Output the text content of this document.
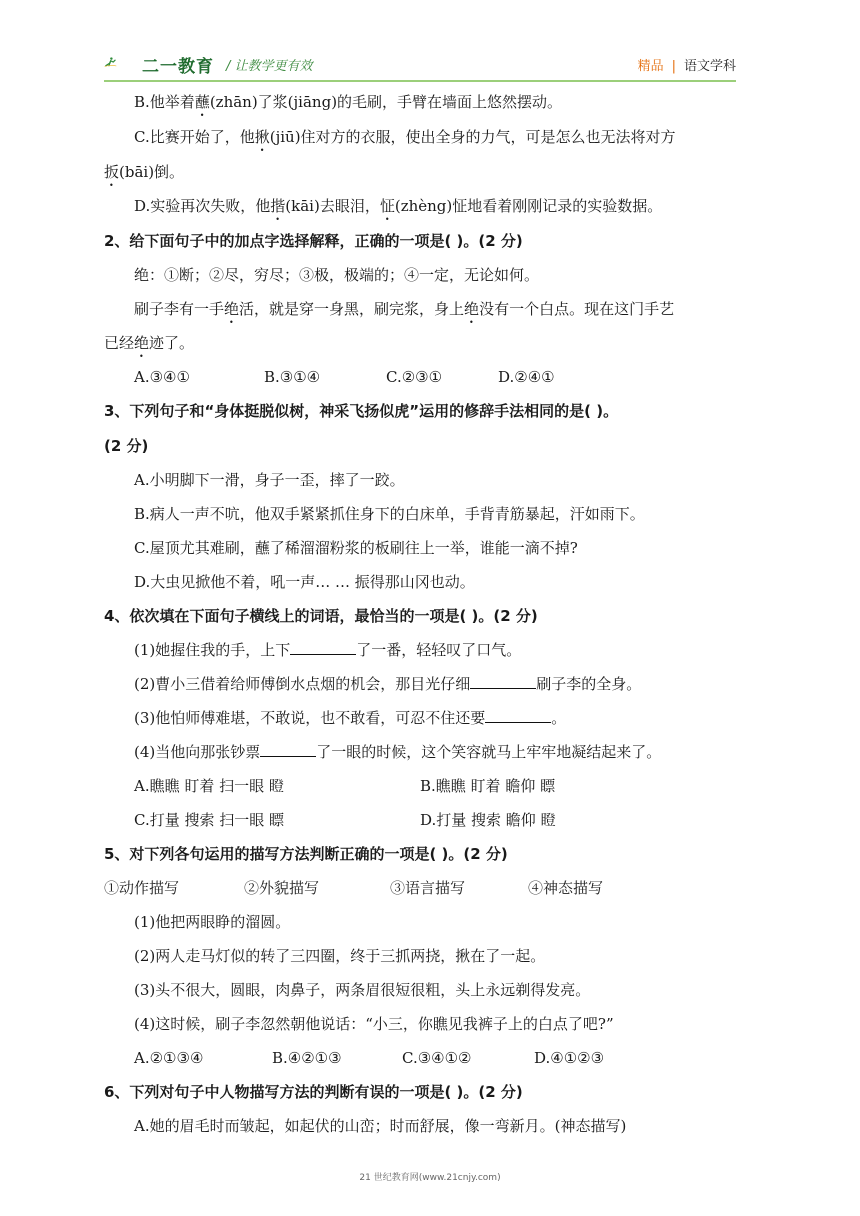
二一教育 / 让教学更有效	精品 | 语文学科
B.他举着蘸(zhān)了浆(jiāng)的毛刷，手臂在墙面上悠然摆动。
C.比赛开始了，他揪(jiū)住对方的衣服，使出全身的力气，可是怎么也无法将对方
扳(bāi)倒。
D.实验再次失败，他揩(kāi)去眼泪，怔(zhèng)怔地看着刚刚记录的实验数据。
2、给下面句子中的加点字选择解释，正确的一项是( )。(2 分)
绝：①断；②尽，穷尽；③极，极端的；④一定，无论如何。
刷子李有一手绝活，就是穿一身黑，刷完浆，身上绝没有一个白点。现在这门手艺
已经绝迹了。
A.③④①	B.③①④	C.②③①	D.②④①
3、下列句子和“身体挺脱似树，神采飞扬似虎”运用的修辞手法相同的是( )。
(2 分)
A.小明脚下一滑，身子一歪，摔了一跤。
B.病人一声不吭，他双手紧紧抓住身下的白床单，手背青筋暴起，汗如雨下。
C.屋顶尤其难刷，蘸了稀溜溜粉浆的板刷往上一举，谁能一滴不掉?
D.大虫见掀他不着，吼一声… … 振得那山冈也动。
4、依次填在下面句子横线上的词语，最恰当的一项是( )。(2 分)
(1)她握住我的手，上下	了一番，轻轻叹了口气。
(2)曹小三借着给师傅倒水点烟的机会，那目光仔细	刷子李的全身。
(3)他怕师傅难堪，不敢说，也不敢看，可忍不住还要	。
(4)当他向那张钞票	了一眼的时候，这个笑容就马上牢牢地凝结起来了。
A.瞧瞧 盯着 扫一眼 瞪	B.瞧瞧 盯着 瞻仰 瞟
C.打量 搜索 扫一眼 瞟	D.打量 搜索 瞻仰 瞪
5、对下列各句运用的描写方法判断正确的一项是( )。(2 分)
①动作描写	②外貌描写	③语言描写	④神态描写
(1)他把两眼睁的溜圆。
(2)两人走马灯似的转了三四圈，终于三抓两挠，揪在了一起。
(3)头不很大，圆眼，肉鼻子，两条眉很短很粗，头上永远剃得发亮。
(4)这时候，刷子李忽然朝他说话：“小三，你瞧见我裤子上的白点了吧?”
A.②①③④	B.④②①③	C.③④①②	D.④①②③
6、下列对句子中人物描写方法的判断有误的一项是( )。(2 分)
A.她的眉毛时而皱起，如起伏的山峦；时而舒展，像一弯新月。(神态描写)
21 世纪教育网(www.21cnjy.com)
